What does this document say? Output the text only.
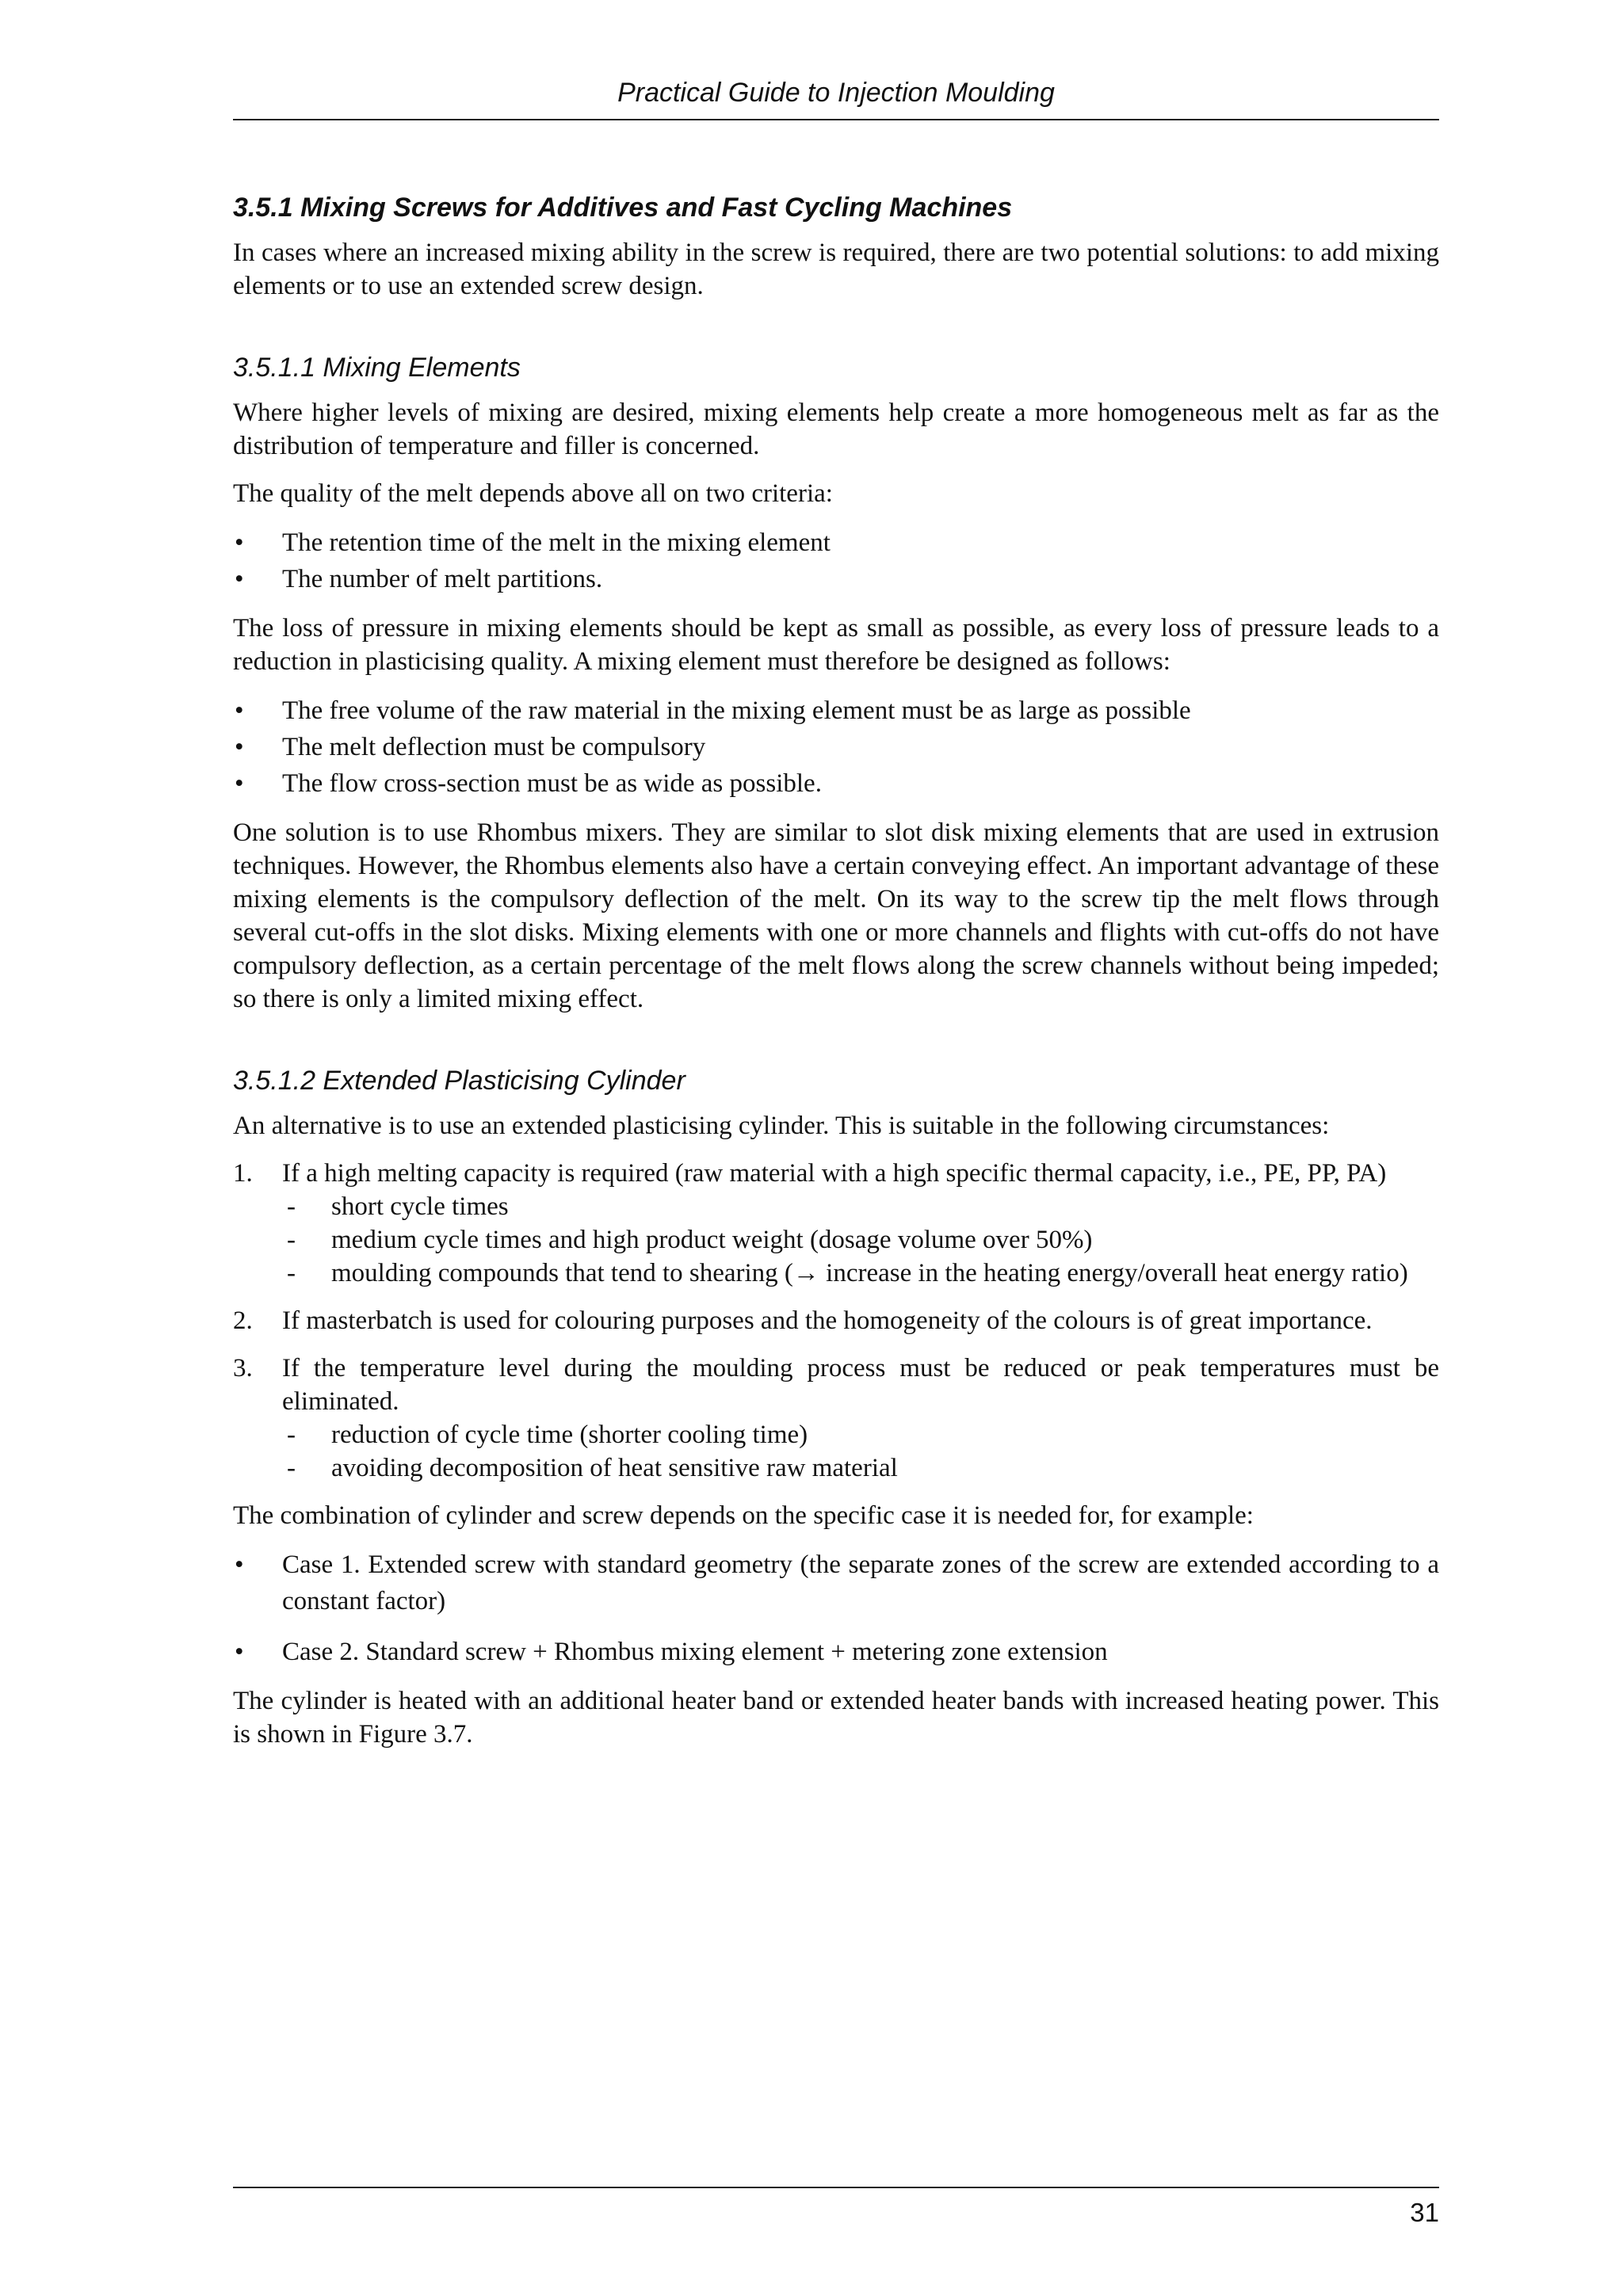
Practical Guide to Injection Moulding
3.5.1 Mixing Screws for Additives and Fast Cycling Machines

In cases where an increased mixing ability in the screw is required, there are two potential solutions: to add mixing elements or to use an extended screw design.

3.5.1.1 Mixing Elements

Where higher levels of mixing are desired, mixing elements help create a more homogeneous melt as far as the distribution of temperature and filler is concerned.

The quality of the melt depends above all on two criteria:

• The retention time of the melt in the mixing element
• The number of melt partitions.

The loss of pressure in mixing elements should be kept as small as possible, as every loss of pressure leads to a reduction in plasticising quality. A mixing element must therefore be designed as follows:

• The free volume of the raw material in the mixing element must be as large as possible
• The melt deflection must be compulsory
• The flow cross-section must be as wide as possible.

One solution is to use Rhombus mixers. They are similar to slot disk mixing elements that are used in extrusion techniques. However, the Rhombus elements also have a certain conveying effect. An important advantage of these mixing elements is the compulsory deflection of the melt. On its way to the screw tip the melt flows through several cut-offs in the slot disks. Mixing elements with one or more channels and flights with cut-offs do not have compulsory deflection, as a certain percentage of the melt flows along the screw channels without being impeded; so there is only a limited mixing effect.

3.5.1.2 Extended Plasticising Cylinder

An alternative is to use an extended plasticising cylinder. This is suitable in the following circumstances:

1. If a high melting capacity is required (raw material with a high specific thermal capacity, i.e., PE, PP, PA)
- short cycle times
- medium cycle times and high product weight (dosage volume over 50%)
- moulding compounds that tend to shearing (→ increase in the heating energy/overall heat energy ratio)
2. If masterbatch is used for colouring purposes and the homogeneity of the colours is of great importance.
3. If the temperature level during the moulding process must be reduced or peak temperatures must be eliminated.
- reduction of cycle time (shorter cooling time)
- avoiding decomposition of heat sensitive raw material

The combination of cylinder and screw depends on the specific case it is needed for, for example:

• Case 1. Extended screw with standard geometry (the separate zones of the screw are extended according to a constant factor)
• Case 2. Standard screw + Rhombus mixing element + metering zone extension

The cylinder is heated with an additional heater band or extended heater bands with increased heating power. This is shown in Figure 3.7.

31
